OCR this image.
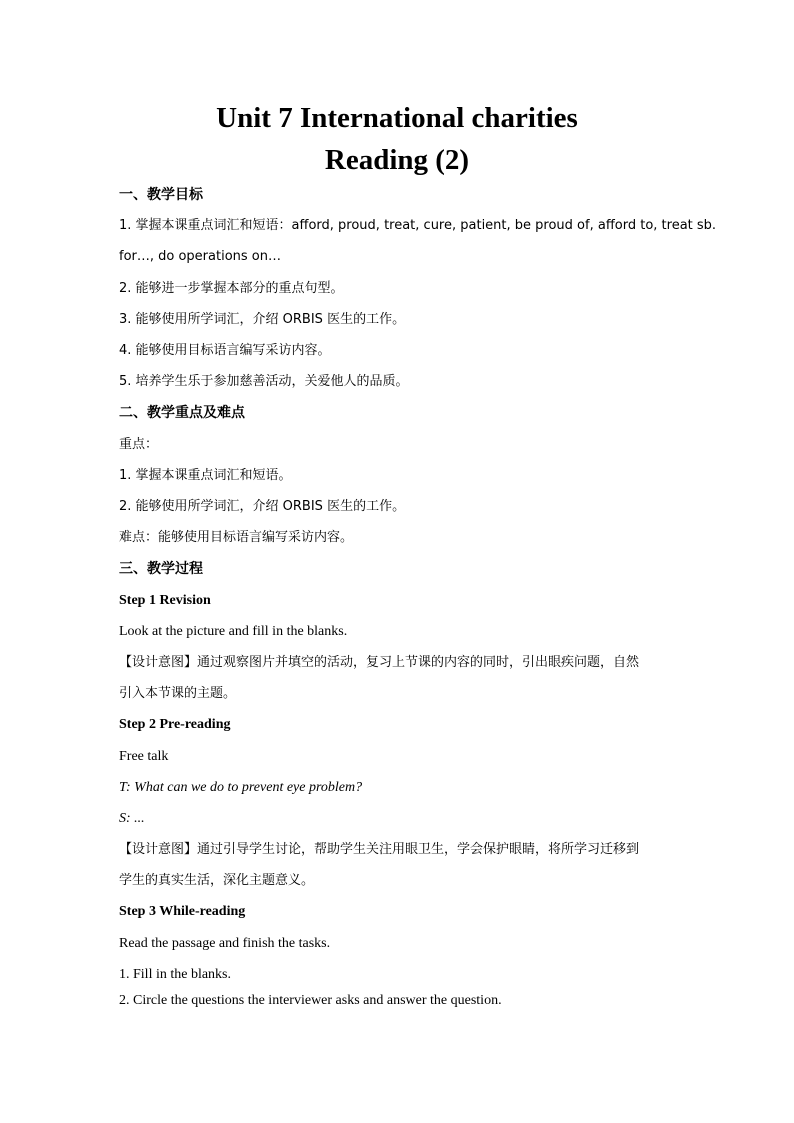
Unit 7 International charities
Reading (2)
一、教学目标
1. 掌握本课重点词汇和短语：afford, proud, treat, cure, patient, be proud of, afford to, treat sb.
for…, do operations on…
2. 能够进一步掌握本部分的重点句型。
3. 能够使用所学词汇，介绍 ORBIS 医生的工作。
4. 能够使用目标语言编写采访内容。
5. 培养学生乐于参加慈善活动，关爱他人的品质。
二、教学重点及难点
重点：
1. 掌握本课重点词汇和短语。
2. 能够使用所学词汇，介绍 ORBIS 医生的工作。
难点：能够使用目标语言编写采访内容。
三、教学过程
Step 1 Revision
Look at the picture and fill in the blanks.
【设计意图】通过观察图片并填空的活动，复习上节课的内容的同时，引出眼疾问题，自然
引入本节课的主题。
Step 2 Pre-reading
Free talk
T: What can we do to prevent eye problem?
S: ...
【设计意图】通过引导学生讨论，帮助学生关注用眼卫生，学会保护眼睛，将所学习迁移到
学生的真实生活，深化主题意义。
Step 3 While-reading
Read the passage and finish the tasks.
1. Fill in the blanks.
2. Circle the questions the interviewer asks and answer the question.
